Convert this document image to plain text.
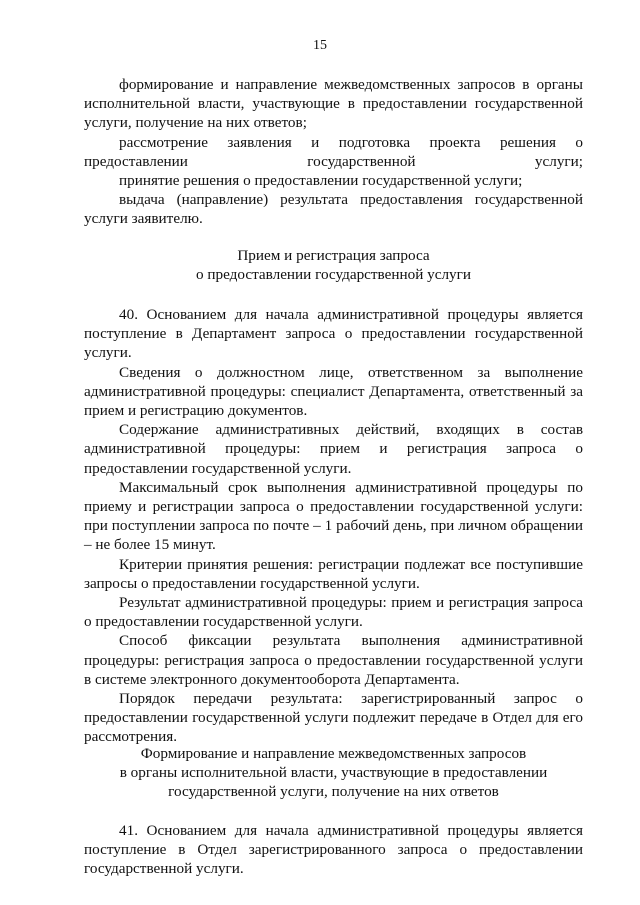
15

формирование и направление межведомственных запросов в органы исполнительной власти, участвующие в предоставлении государственной услуги, получение на них ответов;

рассмотрение заявления и подготовка проекта решения о предоставлении государственной услуги;

принятие решения о предоставлении государственной услуги;

выдача (направление) результата предоставления государственной услуги заявителю.

Прием и регистрация запроса

о предоставлении государственной услуги

40. Основанием для начала административной процедуры является поступление в Департамент запроса о предоставлении государственной услуги.

Сведения о должностном лице, ответственном за выполнение административной процедуры: специалист Департамента, ответственный за прием и регистрацию документов.

Содержание административных действий, входящих в состав административной процедуры: прием и регистрация запроса о предоставлении государственной услуги.

Максимальный срок выполнения административной процедуры по приему и регистрации запроса о предоставлении государственной услуги: при поступлении запроса по почте – 1 рабочий день, при личном обращении – не более 15 минут.

Критерии принятия решения: регистрации подлежат все поступившие запросы о предоставлении государственной услуги.

Результат административной процедуры: прием и регистрация запроса о предоставлении государственной услуги.

Способ фиксации результата выполнения административной процедуры: регистрация запроса о предоставлении государственной услуги в системе электронного документооборота Департамента.

Порядок передачи результата: зарегистрированный запрос о предоставлении государственной услуги подлежит передаче в Отдел для его рассмотрения.

Формирование и направление межведомственных запросов

в органы исполнительной власти, участвующие в предоставлении

государственной услуги, получение на них ответов

41. Основанием для начала административной процедуры является поступление в Отдел зарегистрированного запроса о предоставлении государственной услуги.
